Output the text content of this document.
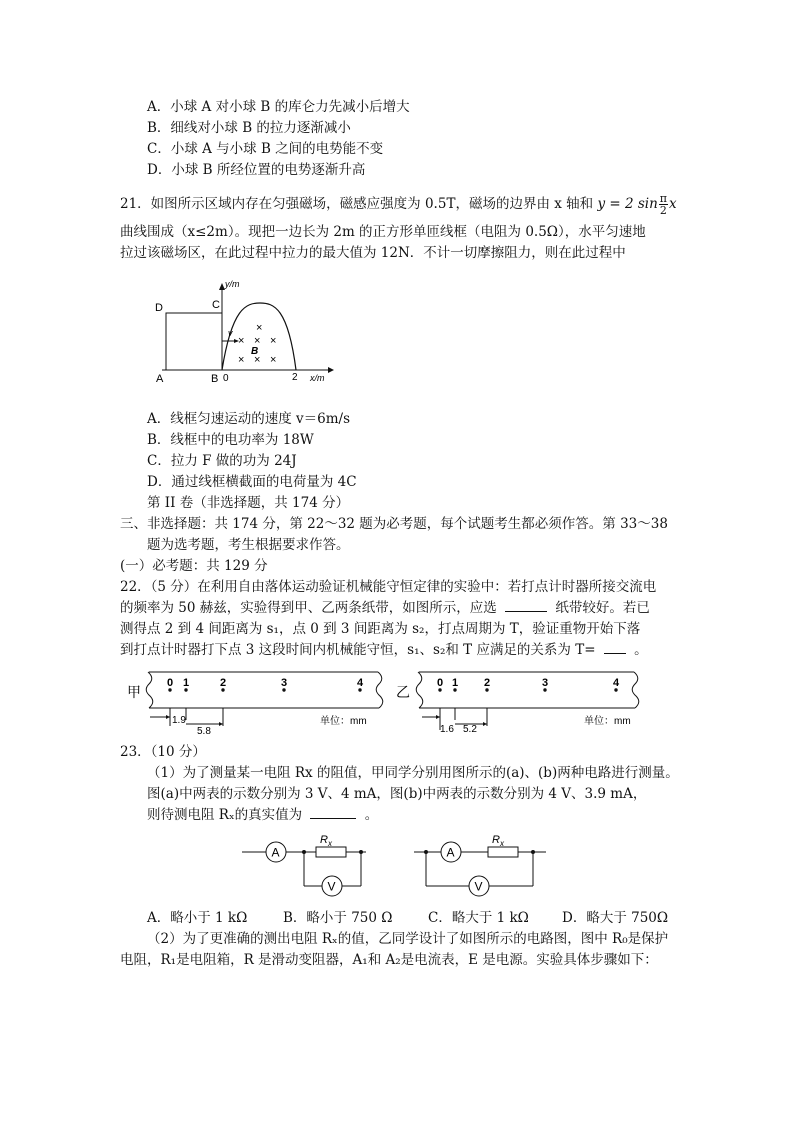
A．小球 A 对小球 B 的库仑力先减小后增大
B．细线对小球 B 的拉力逐渐减小
C．小球 A 与小球 B 之间的电势能不变
D．小球 B 所经位置的电势逐渐升高
21．如图所示区域内存在匀强磁场，磁感应强度为 0.5T，磁场的边界由 x 轴和 y = 2 $\sin \frac{\pi}{2}$ x
曲线围成（x≤2m）。现把一边长为 2m 的正方形单匝线框（电阻为 0.5Ω），水平匀速地
拉过该磁场区，在此过程中拉力的最大值为 12N．不计一切摩擦阻力，则在此过程中
v ×
× × ×
B
× × ×
D	C
A	B 0	2
y/m
x/m
A．线框匀速运动的速度 v＝6m/s
B．线框中的电功率为 18W
C．拉力 F 做的功为 24J
D．通过线框横截面的电荷量为 4C
第 II 卷（非选择题，共 174 分）
三、非选择题：共 174 分，第 22～32 题为必考题，每个试题考生都必须作答。第 33～38
题为选考题，考生根据要求作答。
(一）必考题：共 129 分
22．（5 分）在利用自由落体运动验证机械能守恒定律的实验中：若打点计时器所接交流电
的频率为 50 赫兹，实验得到甲、乙两条纸带，如图所示，应选	纸带较好。若已
测得点 2 到 4 间距离为 s₁，点 0 到 3 间距离为 s₂，打点周期为 T，验证重物开始下落
到打点计时器打下点 3 这段时间内机械能守恒，s₁、s₂和 T 应满足的关系为 T=	。
甲
0 1	2	3	4
1.9
5.8
单位：mm
乙
0 1 2	3	4
1.6 5.2
单位：mm
23．（10 分）
（1）为了测量某一电阻 Rx 的阻值，甲同学分别用图所示的(a)、(b)两种电路进行测量。
图(a)中两表的示数分别为 3 V、4 mA，图(b)中两表的示数分别为 4 V、3.9 mA，
则待测电阻 Rₓ的真实值为	。
A
$R_x$
V
A
$R_x$
V
A．略小于 1 kΩ	B．略小于 750 Ω	C．略大于 1 kΩ D．略大于 750Ω
（2）为了更准确的测出电阻 Rₓ的值，乙同学设计了如图所示的电路图，图中 R₀是保护
电阻，R₁是电阻箱，R 是滑动变阻器，A₁和 A₂是电流表，E 是电源。实验具体步骤如下：
